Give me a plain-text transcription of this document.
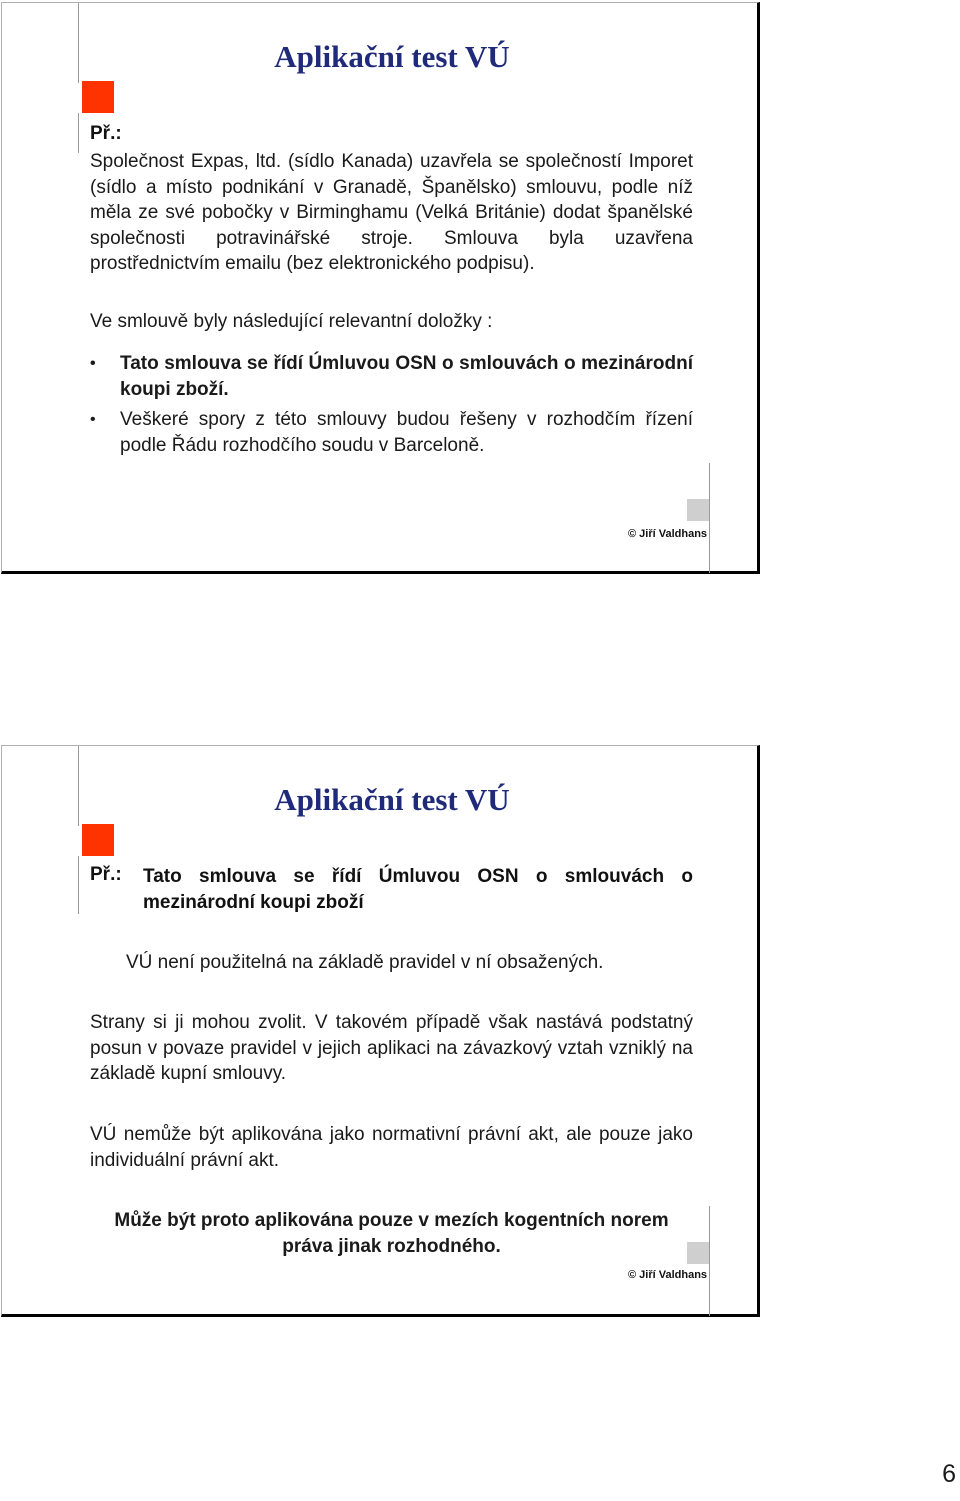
Aplikační test VÚ
Př.:

Společnost Expas, ltd. (sídlo Kanada) uzavřela se společností Imporet (sídlo a místo podnikání v Granadě, Španělsko) smlouvu, podle níž měla ze své pobočky v Birminghamu (Velká Británie) dodat španělské společnosti potravinářské stroje. Smlouva byla uzavřena prostřednictvím emailu (bez elektronického podpisu).

Ve smlouvě byly následující relevantní doložky :

• Tato smlouva se řídí Úmluvou OSN o smlouvách o mezinárodní koupi zboží.
• Veškeré spory z této smlouvy budou řešeny v rozhodčím řízení podle Řádu rozhodčího soudu v Barceloně.
© Jiří Valdhans
Aplikační test VÚ
Př.: Tato smlouva se řídí Úmluvou OSN o smlouvách o mezinárodní koupi zboží

VÚ není použitelná na základě pravidel v ní obsažených.

Strany si ji mohou zvolit. V takovém případě však nastává podstatný posun v povaze pravidel v jejich aplikaci na závazkový vztah vzniklý na základě kupní smlouvy.

VÚ nemůže být aplikována jako normativní právní akt, ale pouze jako individuální právní akt.

Může být proto aplikována pouze v mezích kogentních norem práva jinak rozhodného.

© Jiří Valdhans
6
